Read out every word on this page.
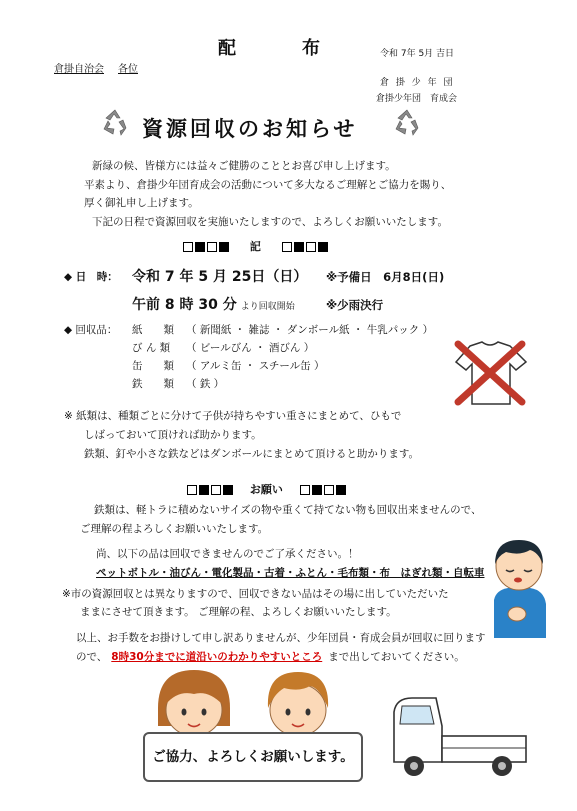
配　布	令和 7年 5月 吉日
倉掛自治会 各位
倉 掛 少 年 団
倉掛少年団　育成会
資源回収のお知らせ
新緑の候、皆様方には益々ご健勝のこととお喜び申し上げます。
平素より、倉掛少年団育成会の活動について多大なるご理解とご協力を賜り、
厚く御礼申し上げます。
下記の日程で資源回収を実施いたしますので、よろしくお願いいたします。
記
◆ 日　時： 令和 7 年 5 月 25日（日） ※予備日　6月8日(日)
午前 8 時 30 分 より回収開始	※少雨決行
◆ 回収品： 紙　　類 （ 新聞紙 ・ 雑誌 ・ ダンボール紙 ・ 牛乳パック ）
び ん 類 （ ビールびん ・ 酒びん ）
缶　　類 （ アルミ缶 ・ スチール缶 ）
鉄　　類 （ 鉄 ）
※ 紙類は、種類ごとに分けて子供が持ちやすい重さにまとめて、ひもで
しばっておいて頂ければ助かります。
鉄類、釘や小さな鉄などはダンボールにまとめて頂けると助かります。
お願い
鉄類は、軽トラに積めないサイズの物や重くて持てない物も回収出来ませんので、
ご理解の程よろしくお願いいたします。
尚、以下の品は回収できませんのでご了承ください。！
ペットボトル・油びん・電化製品・古着・ふとん・毛布類・布　はぎれ類・自転車
※市の資源回収とは異なりますので、回収できない品はその場に出していただいた
ままにさせて頂きます。 ご理解の程、よろしくお願いいたします。
以上、お手数をお掛けして申し訳ありませんが、少年団員・育成会員が回収に回ります
ので、 8時30分までに道沿いのわかりやすいところ まで出しておいてください。
ご協力、よろしくお願いします。
